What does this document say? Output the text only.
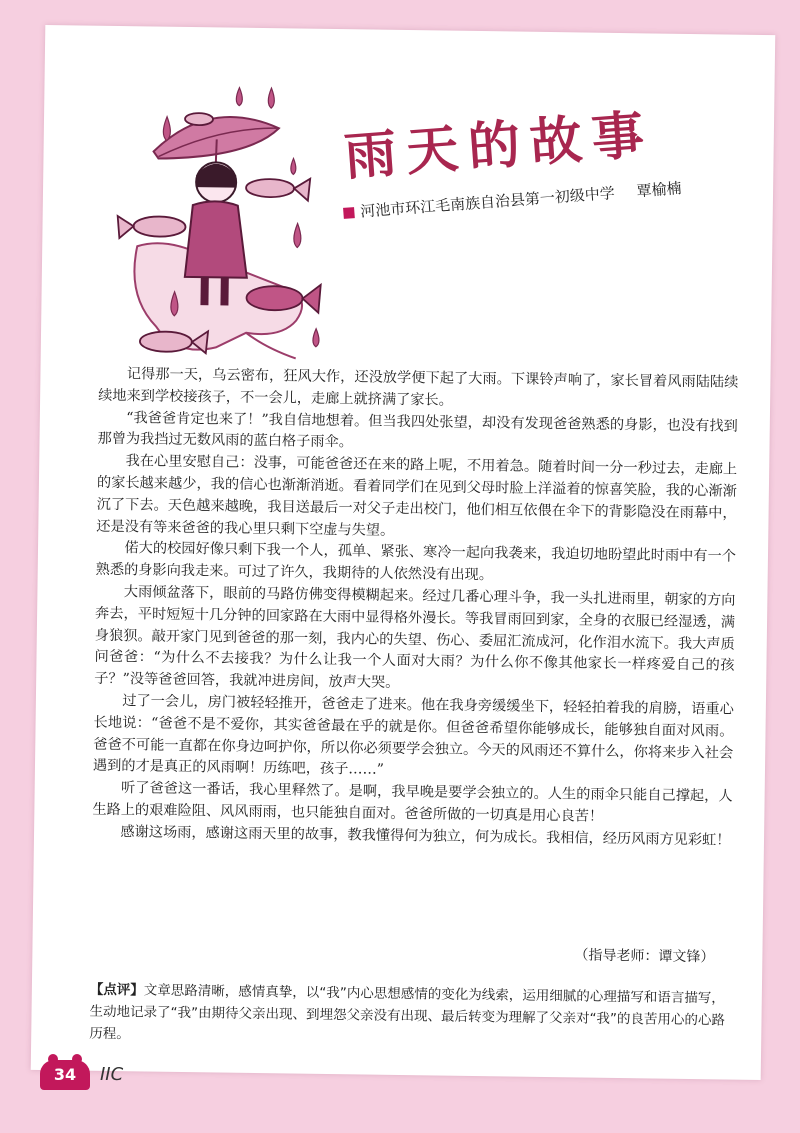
雨天的故事
河池市环江毛南族自治县第一初级中学 覃榆楠

记得那一天，乌云密布，狂风大作，还没放学便下起了大雨。下课铃声响了，家长冒着风雨陆陆续续地来到学校接孩子，不一会儿，走廊上就挤满了家长。

“我爸爸肯定也来了！”我自信地想着。但当我四处张望，却没有发现爸爸熟悉的身影，也没有找到那曾为我挡过无数风雨的蓝白格子雨伞。

我在心里安慰自己：没事，可能爸爸还在来的路上呢，不用着急。随着时间一分一秒过去，走廊上的家长越来越少，我的信心也渐渐消逝。看着同学们在见到父母时脸上洋溢着的惊喜笑脸，我的心渐渐沉了下去。天色越来越晚，我目送最后一对父子走出校门，他们相互依偎在伞下的背影隐没在雨幕中，还是没有等来爸爸的我心里只剩下空虚与失望。

偌大的校园好像只剩下我一个人，孤单、紧张、寒冷一起向我袭来，我迫切地盼望此时雨中有一个熟悉的身影向我走来。可过了许久，我期待的人依然没有出现。

大雨倾盆落下，眼前的马路仿佛变得模糊起来。经过几番心理斗争，我一头扎进雨里，朝家的方向奔去，平时短短十几分钟的回家路在大雨中显得格外漫长。等我冒雨回到家，全身的衣服已经湿透，满身狼狈。敲开家门见到爸爸的那一刻，我内心的失望、伤心、委屈汇流成河，化作泪水流下。我大声质问爸爸：“为什么不去接我？为什么让我一个人面对大雨？为什么你不像其他家长一样疼爱自己的孩子？”没等爸爸回答，我就冲进房间，放声大哭。

过了一会儿，房门被轻轻推开，爸爸走了进来。他在我身旁缓缓坐下，轻轻拍着我的肩膀，语重心长地说：“爸爸不是不爱你，其实爸爸最在乎的就是你。但爸爸希望你能够成长，能够独自面对风雨。爸爸不可能一直都在你身边呵护你，所以你必须要学会独立。今天的风雨还不算什么，你将来步入社会遇到的才是真正的风雨啊！历练吧，孩子……”

听了爸爸这一番话，我心里释然了。是啊，我早晚是要学会独立的。人生的雨伞只能自己撑起，人生路上的艰难险阻、风风雨雨，也只能独自面对。爸爸所做的一切真是用心良苦！

感谢这场雨，感谢这雨天里的故事，教我懂得何为独立，何为成长。我相信，经历风雨方见彩虹！

（指导老师：谭文锋）
【点评】文章思路清晰，感情真挚，以“我”内心思想感情的变化为线索，运用细腻的心理描写和语言描写，生动地记录了“我”由期待父亲出现、到埋怨父亲没有出现、最后转变为理解了父亲对“我”的良苦用心的心路历程。
34	IIC
